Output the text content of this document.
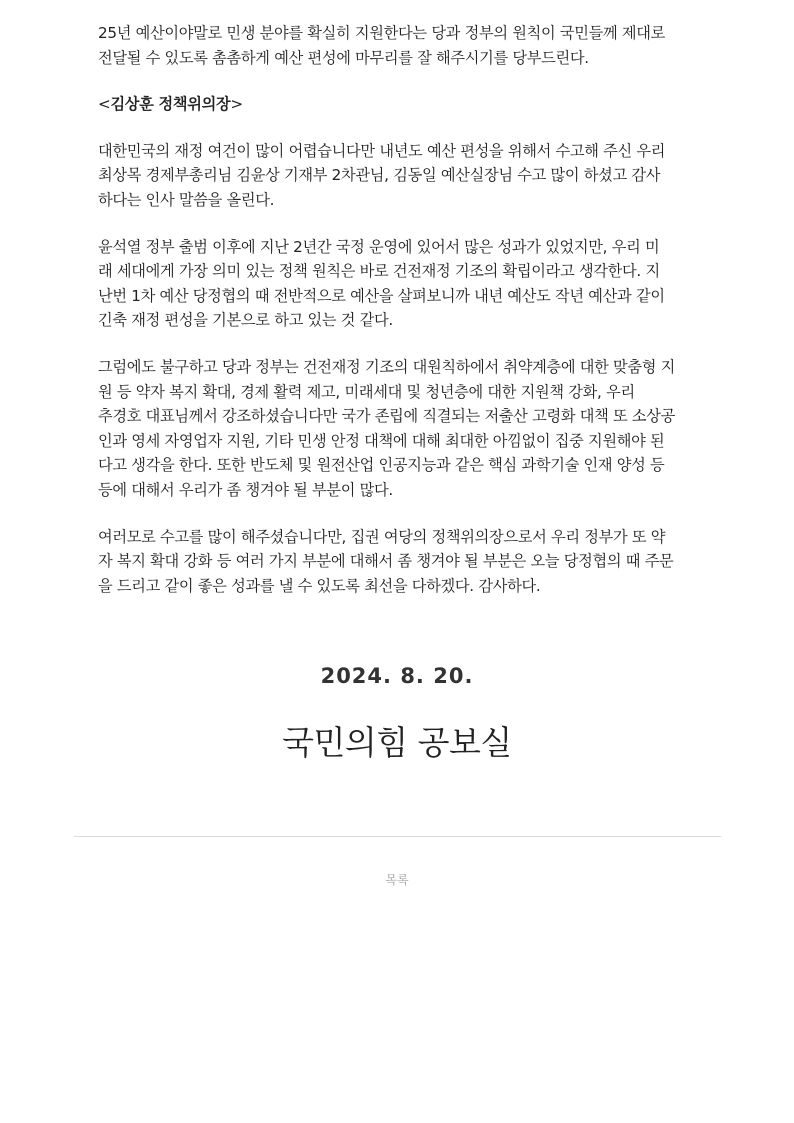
25년 예산이야말로 민생 분야를 확실히 지원한다는 당과 정부의 원칙이 국민들께 제대로 전달될 수 있도록 촘촘하게 예산 편성에 마무리를 잘 해주시기를 당부드린다.

<김상훈 정책위의장>

대한민국의 재정 여건이 많이 어렵습니다만 내년도 예산 편성을 위해서 수고해 주신 우리
최상목 경제부총리님 김윤상 기재부 2차관님, 김동일 예산실장님 수고 많이 하셨고 감사
하다는 인사 말씀을 올린다.

윤석열 정부 출범 이후에 지난 2년간 국정 운영에 있어서 많은 성과가 있었지만, 우리 미
래 세대에게 가장 의미 있는 정책 원칙은 바로 건전재정 기조의 확립이라고 생각한다. 지
난번 1차 예산 당정협의 때 전반적으로 예산을 살펴보니까 내년 예산도 작년 예산과 같이
긴축 재정 편성을 기본으로 하고 있는 것 같다.

그럼에도 불구하고 당과 정부는 건전재정 기조의 대원칙하에서 취약계층에 대한 맞춤형 지
원 등 약자 복지 확대, 경제 활력 제고, 미래세대 및 청년층에 대한 지원책 강화, 우리
추경호 대표님께서 강조하셨습니다만 국가 존립에 직결되는 저출산 고령화 대책 또 소상공
인과 영세 자영업자 지원, 기타 민생 안정 대책에 대해 최대한 아낌없이 집중 지원해야 된
다고 생각을 한다. 또한 반도체 및 원전산업 인공지능과 같은 핵심 과학기술 인재 양성 등
등에 대해서 우리가 좀 챙겨야 될 부분이 많다.

여러모로 수고를 많이 해주셨습니다만, 집권 여당의 정책위의장으로서 우리 정부가 또 약
자 복지 확대 강화 등 여러 가지 부분에 대해서 좀 챙겨야 될 부분은 오늘 당정협의 때 주문
을 드리고 같이 좋은 성과를 낼 수 있도록 최선을 다하겠다. 감사하다.

2024. 8. 20.
국민의힘 공보실
목록
